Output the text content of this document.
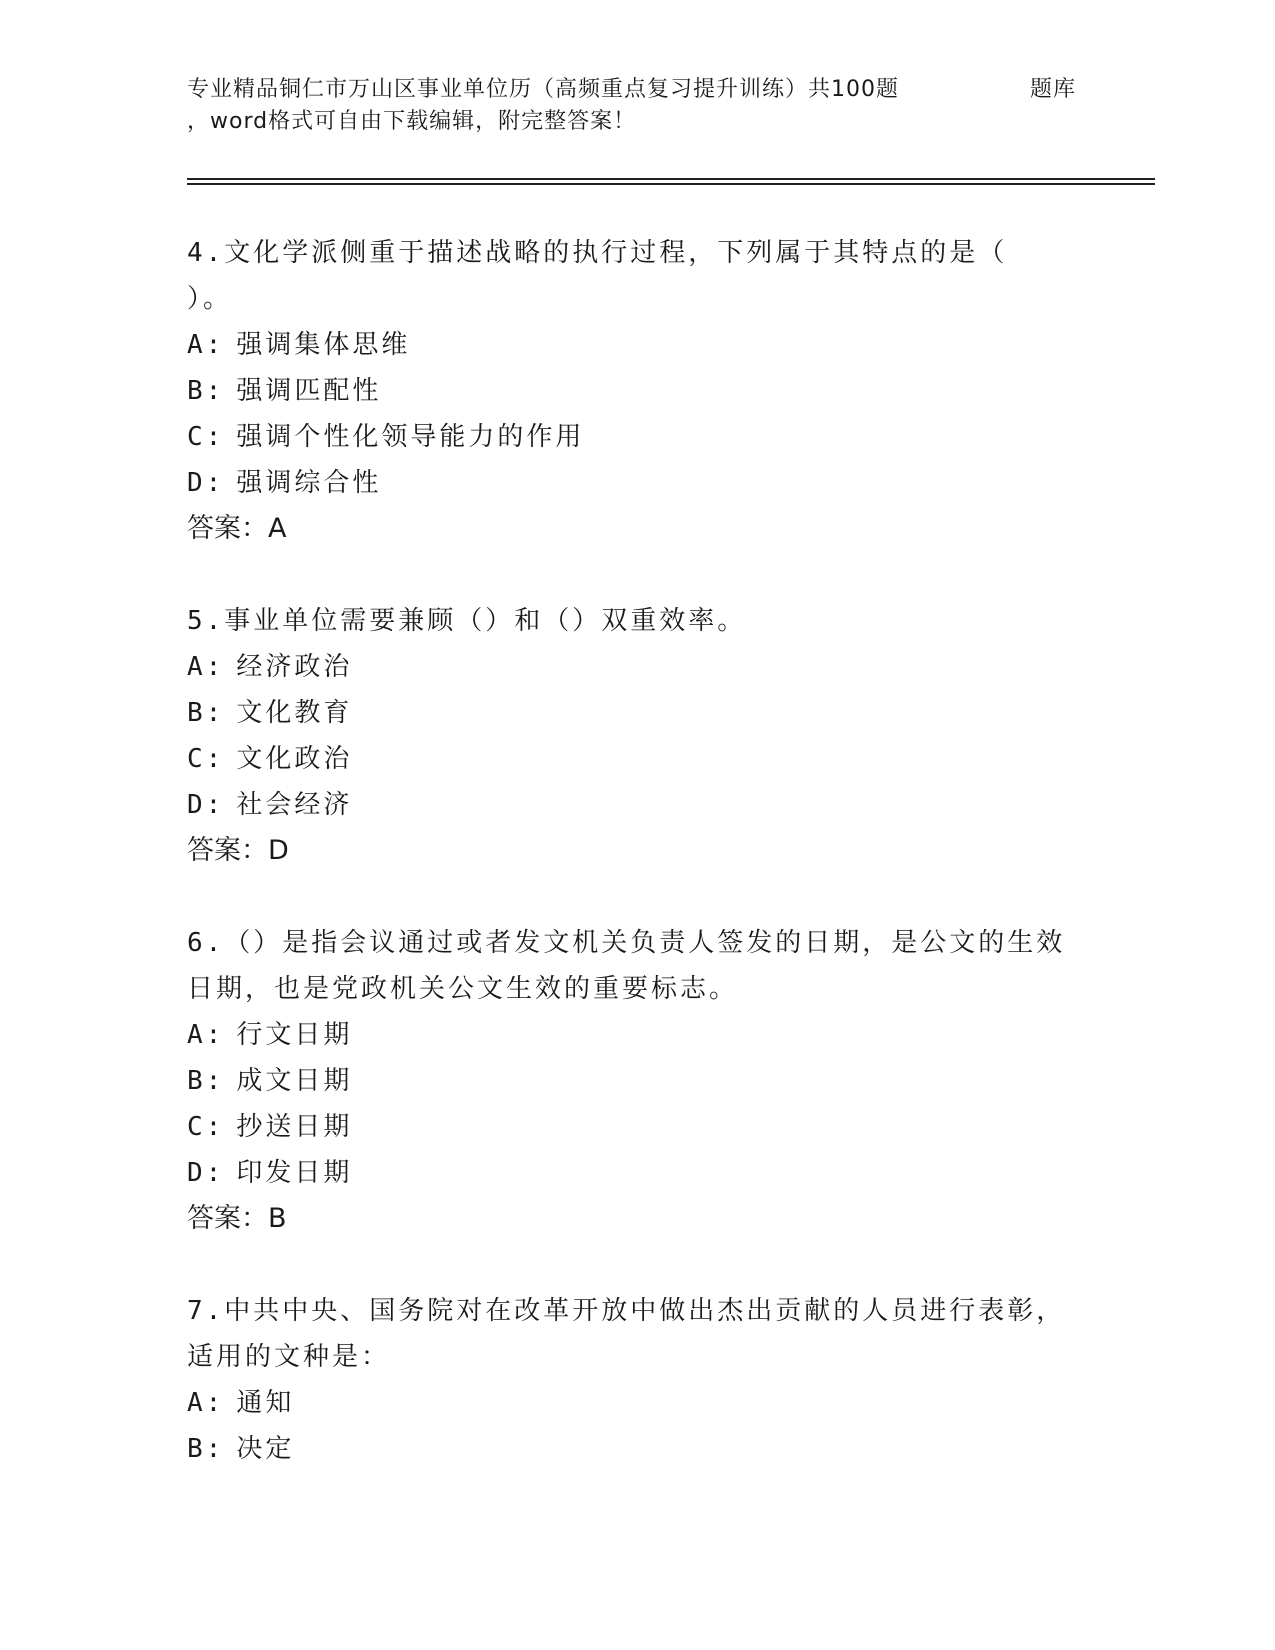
专业精品铜仁市万山区事业单位历（高频重点复习提升训练）共100题	题库
，word格式可自由下载编辑，附完整答案！

4.文化学派侧重于描述战略的执行过程，下列属于其特点的是（ ）。

A: 强调集体思维

B: 强调匹配性

C: 强调个性化领导能力的作用

D: 强调综合性

答案：A

5.事业单位需要兼顾（）和（）双重效率。

A: 经济政治

B: 文化教育

C: 文化政治

D: 社会经济

答案：D

6.（）是指会议通过或者发文机关负责人签发的日期，是公文的生效日期，也是党政机关公文生效的重要标志。

A: 行文日期

B: 成文日期

C: 抄送日期

D: 印发日期

答案：B

7.中共中央、国务院对在改革开放中做出杰出贡献的人员进行表彰，适用的文种是：

A: 通知

B: 决定
